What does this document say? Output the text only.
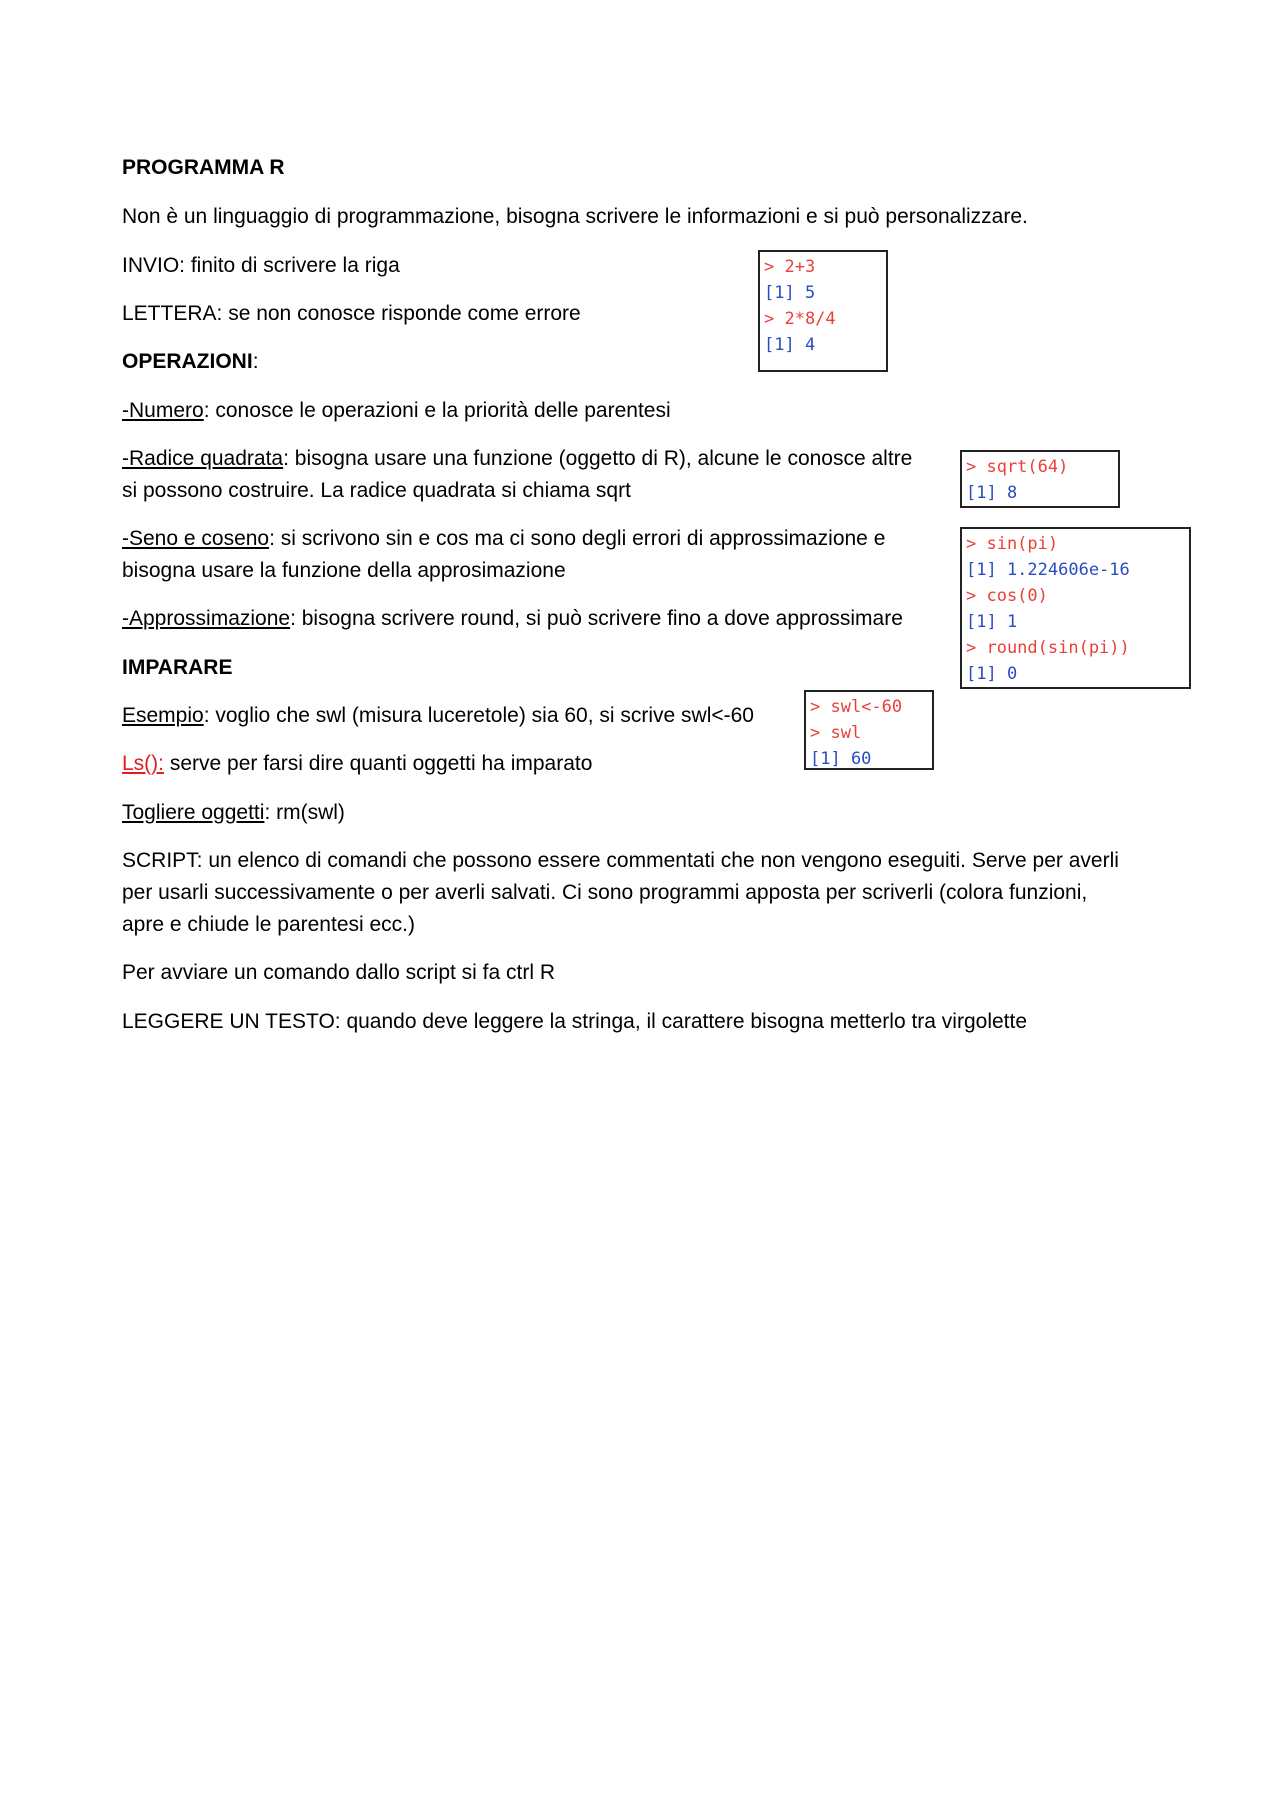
PROGRAMMA R
Non è un linguaggio di programmazione, bisogna scrivere le informazioni e si può personalizzare.
INVIO: finito di scrivere la riga
LETTERA: se non conosce risponde come errore
OPERAZIONI:
-Numero: conosce le operazioni e la priorità delle parentesi
-Radice quadrata: bisogna usare una funzione (oggetto di R), alcune le conosce altre
si possono costruire. La radice quadrata si chiama sqrt
-Seno e coseno: si scrivono sin e cos ma ci sono degli errori di approssimazione e
bisogna usare la funzione della approsimazione
-Approssimazione: bisogna scrivere round, si può scrivere fino a dove approssimare
IMPARARE
Esempio: voglio che swl (misura luceretole) sia 60, si scrive swl<-60
Ls(): serve per farsi dire quanti oggetti ha imparato
Togliere oggetti: rm(swl)
SCRIPT: un elenco di comandi che possono essere commentati che non vengono eseguiti. Serve per averli
per usarli successivamente o per averli salvati. Ci sono programmi apposta per scriverli (colora funzioni,
apre e chiude le parentesi ecc.)
Per avviare un comando dallo script si fa ctrl R
LEGGERE UN TESTO: quando deve leggere la stringa, il carattere bisogna metterlo tra virgolette
> 2+3
[1] 5
> 2*8/4
[1] 4
> sqrt(64)
[1] 8
> sin(pi)
[1] 1.224606e-16
> cos(0)
[1] 1
> round(sin(pi))
[1] 0
> swl<-60
> swl
[1] 60
